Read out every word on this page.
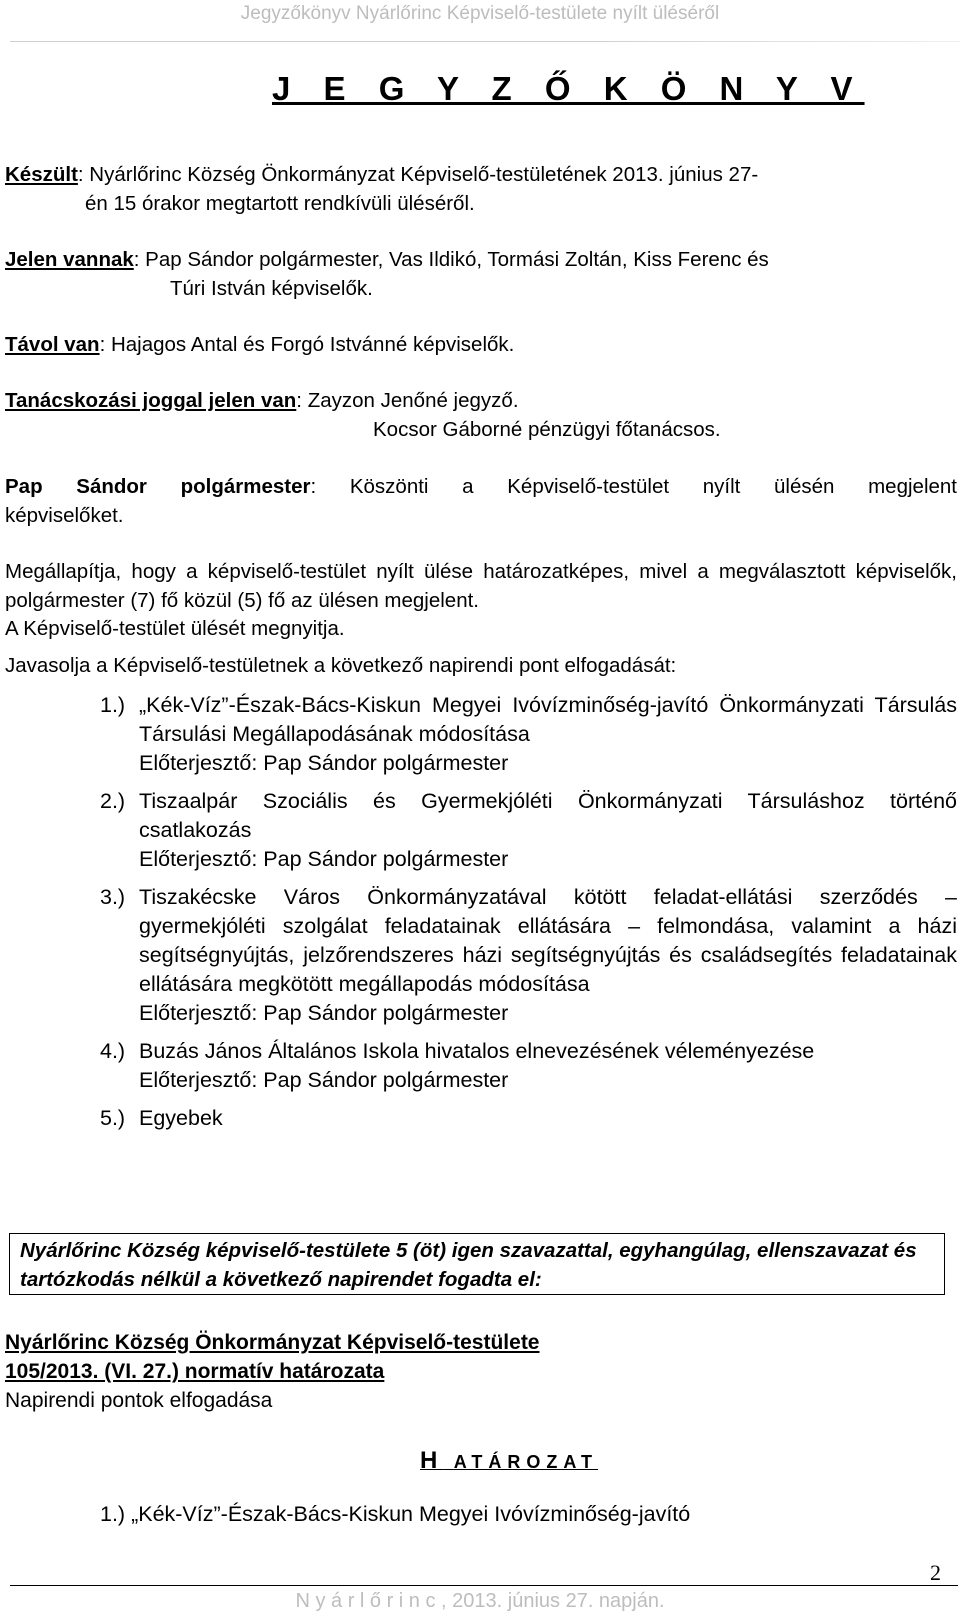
Jegyzőkönyv Nyárlőrinc Képviselő-testülete nyílt üléséről
J E G Y Z Ő K Ö N Y V
Készült: Nyárlőrinc Község Önkormányzat Képviselő-testületének 2013. június 27-
én 15 órakor megtartott rendkívüli üléséről.
Jelen vannak: Pap Sándor polgármester, Vas Ildikó, Tormási Zoltán, Kiss Ferenc és
Túri István képviselők.
Távol van: Hajagos Antal és Forgó Istvánné képviselők.
Tanácskozási joggal jelen van: Zayzon Jenőné jegyző.
Kocsor Gáborné pénzügyi főtanácsos.
Pap Sándor polgármester: Köszönti a Képviselő-testület nyílt ülésén megjelent
képviselőket.
Megállapítja, hogy a képviselő-testület nyílt ülése határozatképes, mivel a megválasztott képviselők, polgármester (7) fő közül (5) fő az ülésen megjelent.
A Képviselő-testület ülését megnyitja.
Javasolja a Képviselő-testületnek a következő napirendi pont elfogadását:
1.) „Kék-Víz”-Észak-Bács-Kiskun Megyei Ivóvízminőség-javító Önkormányzati Társulás Társulási Megállapodásának módosítása
Előterjesztő: Pap Sándor polgármester
2.) Tiszaalpár Szociális és Gyermekjóléti Önkormányzati Társuláshoz történő csatlakozás
Előterjesztő: Pap Sándor polgármester
3.) Tiszakécske Város Önkormányzatával kötött feladat-ellátási szerződés – gyermekjóléti szolgálat feladatainak ellátására – felmondása, valamint a házi segítségnyújtás, jelzőrendszeres házi segítségnyújtás és családsegítés feladatainak ellátására megkötött megállapodás módosítása
Előterjesztő: Pap Sándor polgármester
4.) Buzás János Általános Iskola hivatalos elnevezésének véleményezése
Előterjesztő: Pap Sándor polgármester
5.) Egyebek
Nyárlőrinc Község képviselő-testülete 5 (öt) igen szavazattal, egyhangúlag, ellenszavazat és tartózkodás nélkül a következő napirendet fogadta el:
Nyárlőrinc Község Önkormányzat Képviselő-testülete
105/2013. (VI. 27.) normatív határozata
Napirendi pontok elfogadása
H ATÁROZAT
1.) „Kék-Víz”-Észak-Bács-Kiskun Megyei Ivóvízminőség-javító
2
N y á r l ő r i n c , 2013. június 27. napján.
